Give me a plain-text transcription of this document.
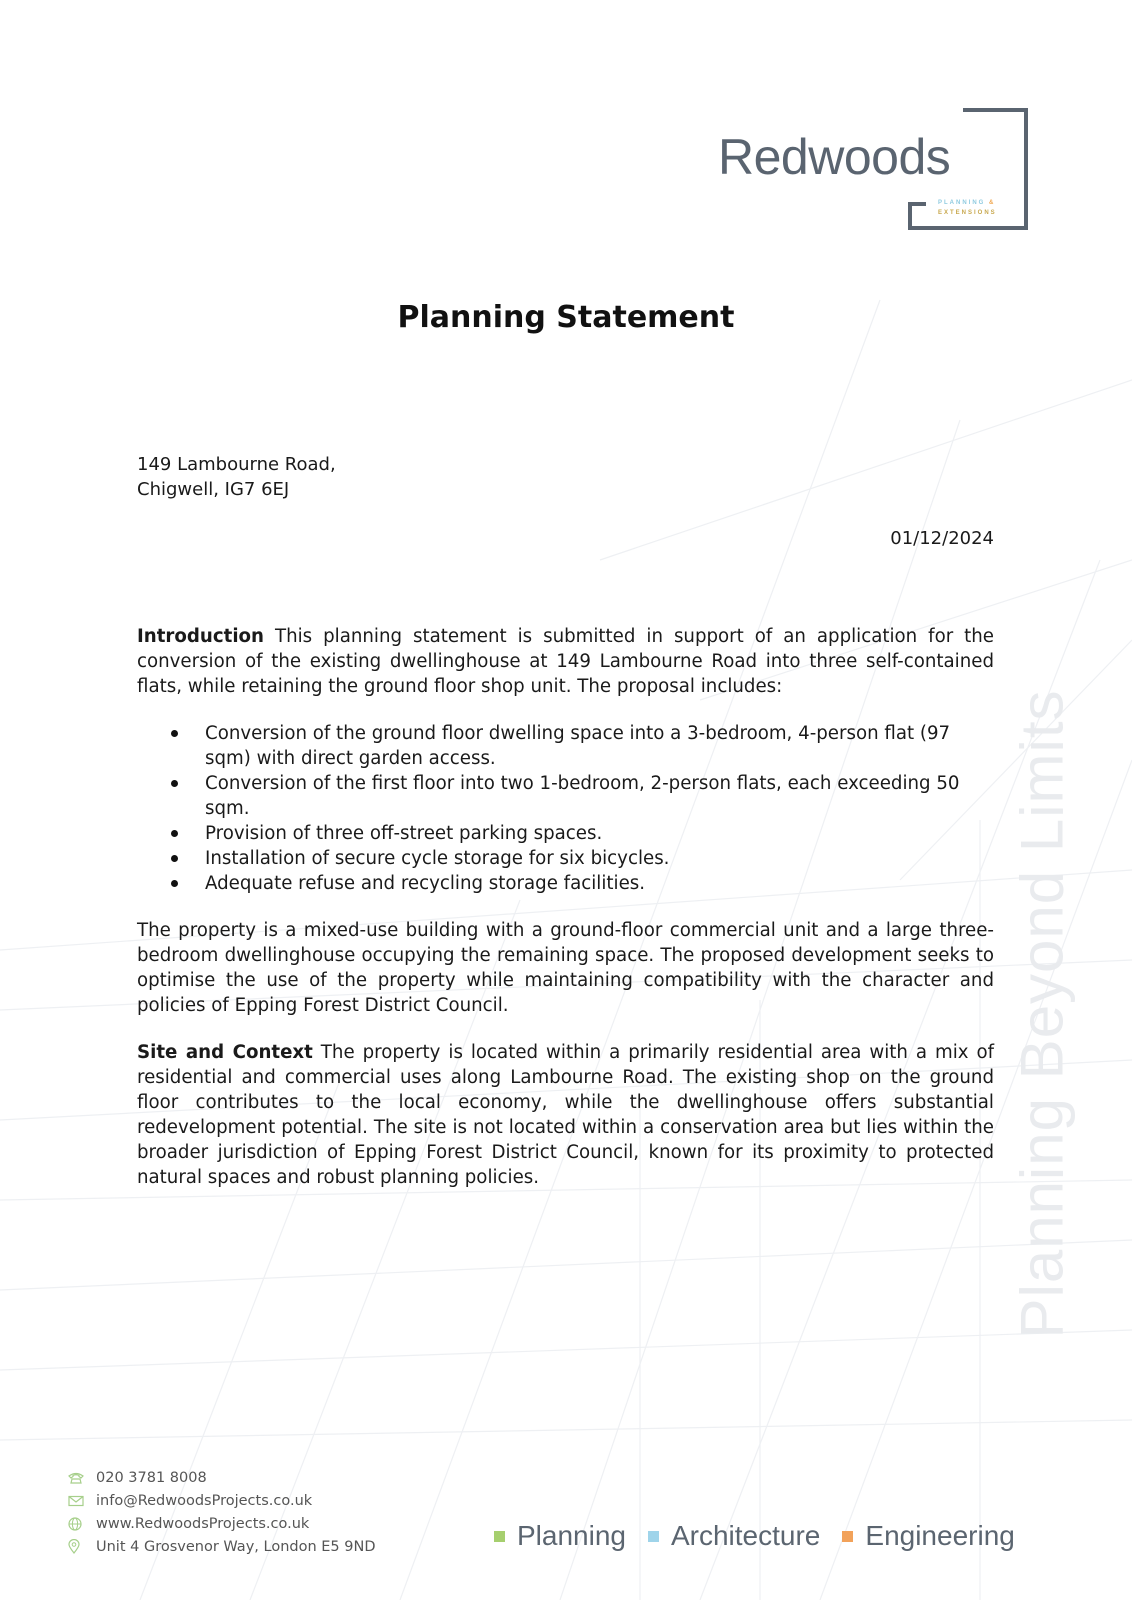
Planning Beyond Limits
Redwoods
PLANNING &
EXTENSIONS
Planning Statement
149 Lambourne Road,
Chigwell, IG7 6EJ
01/12/2024

Introduction This planning statement is submitted in support of an application for the conversion of the existing dwellinghouse at 149 Lambourne Road into three self-contained flats, while retaining the ground floor shop unit. The proposal includes:

Conversion of the ground floor dwelling space into a 3-bedroom, 4-person flat (97 sqm) with direct garden access.
Conversion of the first floor into two 1-bedroom, 2-person flats, each exceeding 50 sqm.
Provision of three off-street parking spaces.
Installation of secure cycle storage for six bicycles.
Adequate refuse and recycling storage facilities.

The property is a mixed-use building with a ground-floor commercial unit and a large three-bedroom dwellinghouse occupying the remaining space. The proposed development seeks to optimise the use of the property while maintaining compatibility with the character and policies of Epping Forest District Council.

Site and Context The property is located within a primarily residential area with a mix of residential and commercial uses along Lambourne Road. The existing shop on the ground floor contributes to the local economy, while the dwellinghouse offers substantial redevelopment potential. The site is not located within a conservation area but lies within the broader jurisdiction of Epping Forest District Council, known for its proximity to protected natural spaces and robust planning policies.

020 3781 8008
info@RedwoodsProjects.co.uk
www.RedwoodsProjects.co.uk
Unit 4 Grosvenor Way, London E5 9ND	Planning Architecture Engineering
